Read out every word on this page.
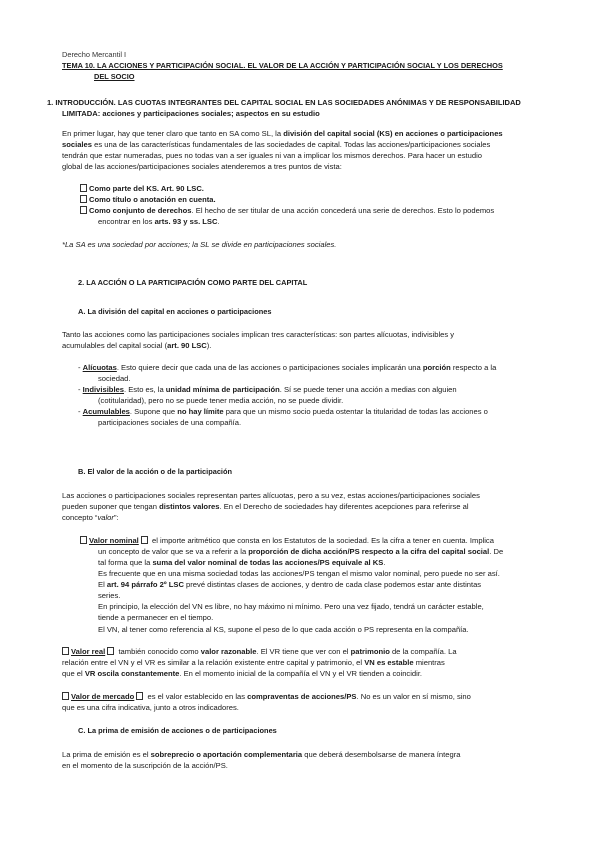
Derecho Mercantil I
TEMA 10. LA ACCIONES Y PARTICIPACIÓN SOCIAL. EL VALOR DE LA ACCIÓN Y PARTICIPACIÓN SOCIAL Y LOS DERECHOS
DEL SOCIO
1. INTRODUCCIÓN. LAS CUOTAS INTEGRANTES DEL CAPITAL SOCIAL EN LAS SOCIEDADES ANÓNIMAS Y DE RESPONSABILIDAD
LIMITADA: acciones y participaciones sociales; aspectos en su estudio
En primer lugar, hay que tener claro que tanto en SA como SL, la división del capital social (KS) en acciones o participaciones
sociales es una de las características fundamentales de las sociedades de capital. Todas las acciones/participaciones sociales
tendrán que estar numeradas, pues no todas van a ser iguales ni van a implicar los mismos derechos. Para hacer un estudio
global de las acciones/participaciones sociales atenderemos a tres puntos de vista:
Como parte del KS. Art. 90 LSC.
Como título o anotación en cuenta.
Como conjunto de derechos. El hecho de ser titular de una acción concederá una serie de derechos. Esto lo podemos
encontrar en los arts. 93 y ss. LSC.
*La SA es una sociedad por acciones; la SL se divide en participaciones sociales.
2. LA ACCIÓN O LA PARTICIPACIÓN COMO PARTE DEL CAPITAL
A. La división del capital en acciones o participaciones
Tanto las acciones como las participaciones sociales implican tres características: son partes alícuotas, indivisibles y
acumulables del capital social (art. 90 LSC).
- Alícuotas. Esto quiere decir que cada una de las acciones o participaciones sociales implicarán una porción respecto a la
sociedad.
- Indivisibles. Esto es, la unidad mínima de participación. Sí se puede tener una acción a medias con alguien
(cotitularidad), pero no se puede tener media acción, no se puede dividir.
- Acumulables. Supone que no hay límite para que un mismo socio pueda ostentar la titularidad de todas las acciones o
participaciones sociales de una compañía.
B. El valor de la acción o de la participación
Las acciones o participaciones sociales representan partes alícuotas, pero a su vez, estas acciones/participaciones sociales
pueden suponer que tengan distintos valores. En el Derecho de sociedades hay diferentes acepciones para referirse al
concepto “valor”:
Valor nominal  el importe aritmético que consta en los Estatutos de la sociedad. Es la cifra a tener en cuenta. Implica
un concepto de valor que se va a referir a la proporción de dicha acción/PS respecto a la cifra del capital social. De
tal forma que la suma del valor nominal de todas las acciones/PS equivale al KS.
Es frecuente que en una misma sociedad todas las acciones/PS tengan el mismo valor nominal, pero puede no ser así.
El art. 94 párrafo 2º LSC prevé distintas clases de acciones, y dentro de cada clase podemos estar ante distintas
series.
En principio, la elección del VN es libre, no hay máximo ni mínimo. Pero una vez fijado, tendrá un carácter estable,
tiende a permanecer en el tiempo.
El VN, al tener como referencia al KS, supone el peso de lo que cada acción o PS representa en la compañía.
Valor real  también conocido como valor razonable. El VR tiene que ver con el patrimonio de la compañía. La
relación entre el VN y el VR es similar a la relación existente entre capital y patrimonio, el VN es estable mientras
que el VR oscila constantemente. En el momento inicial de la compañía el VN y el VR tienden a coincidir.
Valor de mercado  es el valor establecido en las compraventas de acciones/PS. No es un valor en sí mismo, sino
que es una cifra indicativa, junto a otros indicadores.
C. La prima de emisión de acciones o de participaciones
La prima de emisión es el sobreprecio o aportación complementaria que deberá desembolsarse de manera íntegra
en el momento de la suscripción de la acción/PS.
